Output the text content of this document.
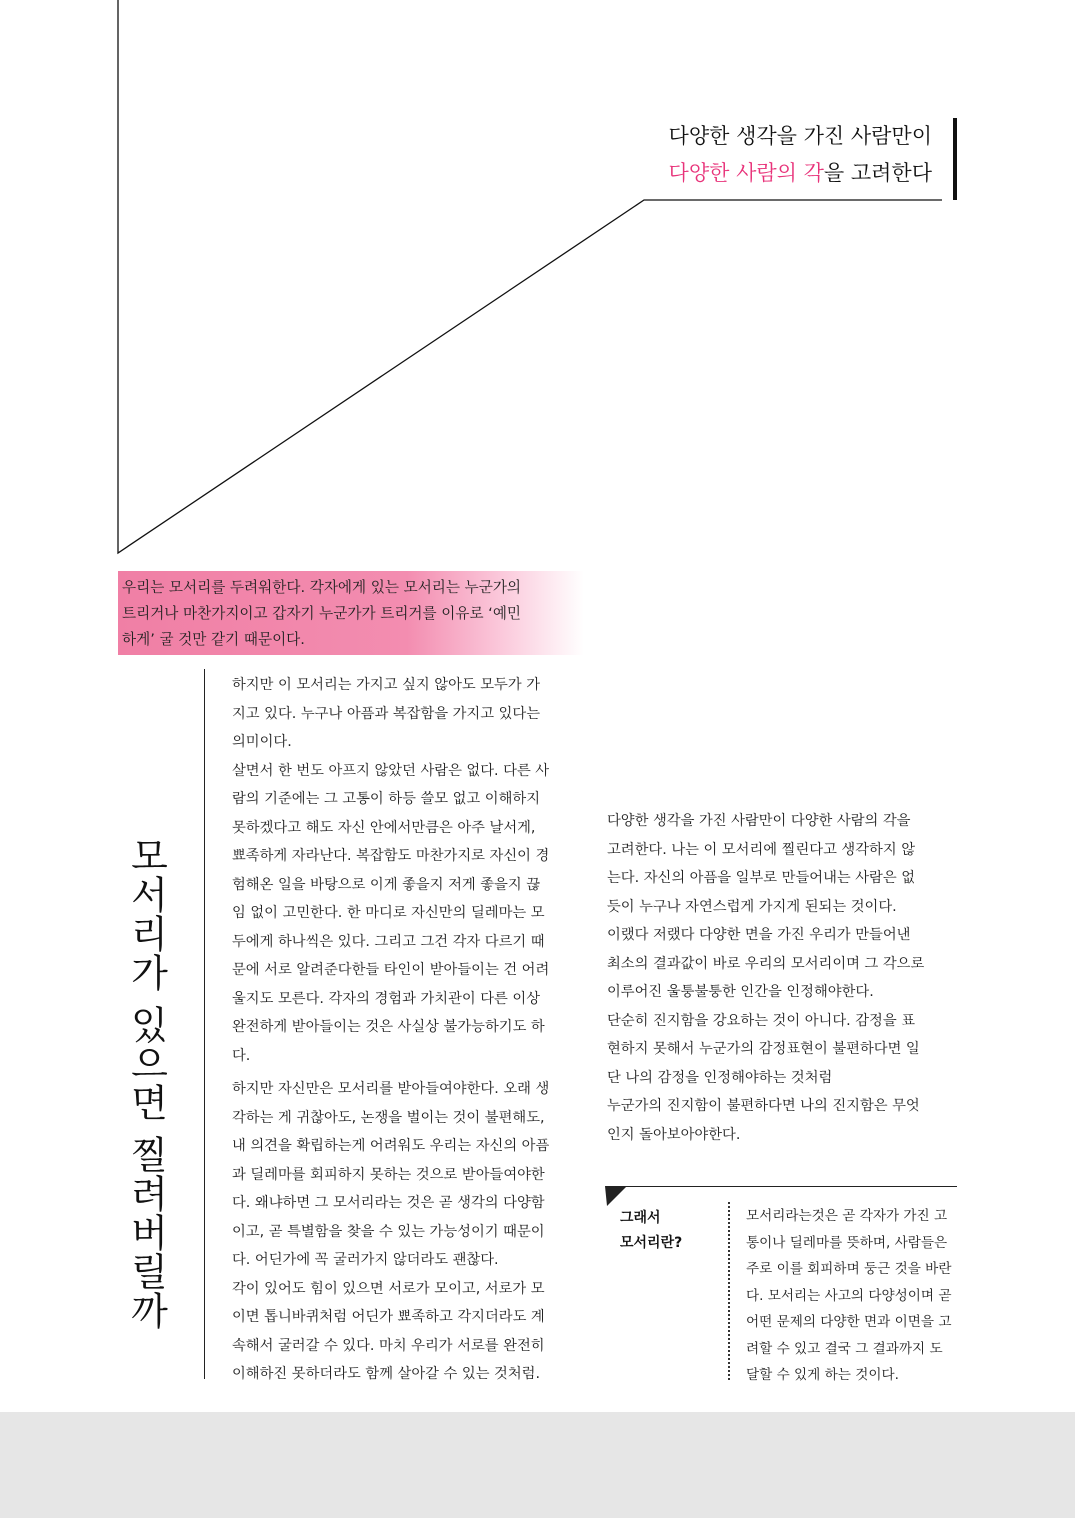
다양한 생각을 가진 사람만이
다양한 사람의 각을 고려한다
우리는 모서리를 두려워한다. 각자에게 있는 모서리는 누군가의
트리거나 마찬가지이고 갑자기 누군가가 트리거를 이유로 ‘예민
하게’ 굴 것만 같기 때문이다.
모서리가 있으면 찔려버릴까

하지만 이 모서리는 가지고 싶지 않아도 모두가 가
지고 있다. 누구나 아픔과 복잡함을 가지고 있다는
의미이다.
살면서 한 번도 아프지 않았던 사람은 없다. 다른 사
람의 기준에는 그 고통이 하등 쓸모 없고 이해하지
못하겠다고 해도 자신 안에서만큼은 아주 날서게,
뾰족하게 자라난다. 복잡함도 마찬가지로 자신이 경
험해온 일을 바탕으로 이게 좋을지 저게 좋을지 끊
임 없이 고민한다. 한 마디로 자신만의 딜레마는 모
두에게 하나씩은 있다. 그리고 그건 각자 다르기 때
문에 서로 알려준다한들 타인이 받아들이는 건 어려
울지도 모른다. 각자의 경험과 가치관이 다른 이상
완전하게 받아들이는 것은 사실상 불가능하기도 하
다.

하지만 자신만은 모서리를 받아들여야한다. 오래 생
각하는 게 귀찮아도, 논쟁을 벌이는 것이 불편해도,
내 의견을 확립하는게 어려워도 우리는 자신의 아픔
과 딜레마를 회피하지 못하는 것으로 받아들여야한
다. 왜냐하면 그 모서리라는 것은 곧 생각의 다양함
이고, 곧 특별함을 찾을 수 있는 가능성이기 때문이
다. 어딘가에 꼭 굴러가지 않더라도 괜찮다.
각이 있어도 힘이 있으면 서로가 모이고, 서로가 모
이면 톱니바퀴처럼 어딘가 뾰족하고 각지더라도 계
속해서 굴러갈 수 있다. 마치 우리가 서로를 완전히
이해하진 못하더라도 함께 살아갈 수 있는 것처럼.

다양한 생각을 가진 사람만이 다양한 사람의 각을
고려한다. 나는 이 모서리에 찔린다고 생각하지 않
는다. 자신의 아픔을 일부로 만들어내는 사람은 없
듯이 누구나 자연스럽게 가지게 된되는 것이다.
이랬다 저랬다 다양한 면을 가진 우리가 만들어낸
최소의 결과값이 바로 우리의 모서리이며 그 각으로
이루어진 울퉁불퉁한 인간을 인정해야한다.
단순히 진지함을 강요하는 것이 아니다. 감정을 표
현하지 못해서 누군가의 감정표현이 불편하다면 일
단 나의 감정을 인정해야하는 것처럼
누군가의 진지함이 불편하다면 나의 진지함은 무엇
인지 돌아보아야한다.

그래서
모서리란?
모서리라는것은 곧 각자가 가진 고
통이나 딜레마를 뜻하며, 사람들은
주로 이를 회피하며 둥근 것을 바란
다. 모서리는 사고의 다양성이며 곧
어떤 문제의 다양한 면과 이면을 고
려할 수 있고 결국 그 결과까지 도
달할 수 있게 하는 것이다.
